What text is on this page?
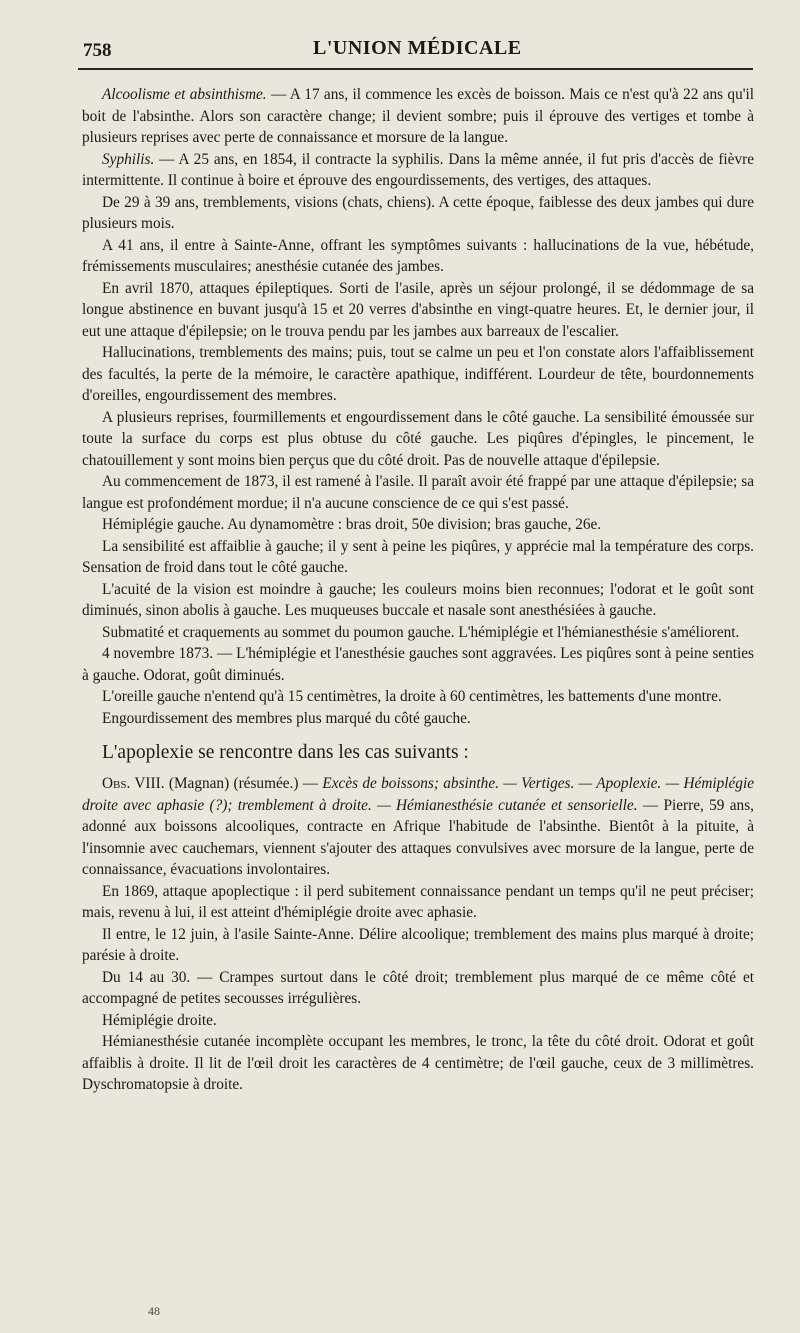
758	L'UNION MÉDICALE

Alcoolisme et absinthisme. — A 17 ans, il commence les excès de boisson. Mais ce n'est qu'à 22 ans qu'il boit de l'absinthe. Alors son caractère change; il devient sombre; puis il éprouve des vertiges et tombe à plusieurs reprises avec perte de connaissance et morsure de la langue.

Syphilis. — A 25 ans, en 1854, il contracte la syphilis. Dans la même année, il fut pris d'accès de fièvre intermittente. Il continue à boire et éprouve des engourdissements, des vertiges, des attaques.

De 29 à 39 ans, tremblements, visions (chats, chiens). A cette époque, faiblesse des deux jambes qui dure plusieurs mois.

A 41 ans, il entre à Sainte-Anne, offrant les symptômes suivants : hallucinations de la vue, hébétude, frémissements musculaires; anesthésie cutanée des jambes.

En avril 1870, attaques épileptiques. Sorti de l'asile, après un séjour prolongé, il se dédommage de sa longue abstinence en buvant jusqu'à 15 et 20 verres d'absinthe en vingt-quatre heures. Et, le dernier jour, il eut une attaque d'épilepsie; on le trouva pendu par les jambes aux barreaux de l'escalier.

Hallucinations, tremblements des mains; puis, tout se calme un peu et l'on constate alors l'affaiblissement des facultés, la perte de la mémoire, le caractère apathique, indifférent. Lourdeur de tête, bourdonnements d'oreilles, engourdissement des membres.

A plusieurs reprises, fourmillements et engourdissement dans le côté gauche. La sensibilité émoussée sur toute la surface du corps est plus obtuse du côté gauche. Les piqûres d'épingles, le pincement, le chatouillement y sont moins bien perçus que du côté droit. Pas de nouvelle attaque d'épilepsie.

Au commencement de 1873, il est ramené à l'asile. Il paraît avoir été frappé par une attaque d'épilepsie; sa langue est profondément mordue; il n'a aucune conscience de ce qui s'est passé.

Hémiplégie gauche. Au dynamomètre : bras droit, 50e division; bras gauche, 26e.

La sensibilité est affaiblie à gauche; il y sent à peine les piqûres, y apprécie mal la température des corps. Sensation de froid dans tout le côté gauche.

L'acuité de la vision est moindre à gauche; les couleurs moins bien reconnues; l'odorat et le goût sont diminués, sinon abolis à gauche. Les muqueuses buccale et nasale sont anesthésiées à gauche.

Submatité et craquements au sommet du poumon gauche. L'hémiplégie et l'hémianesthésie s'améliorent.

4 novembre 1873. — L'hémiplégie et l'anesthésie gauches sont aggravées. Les piqûres sont à peine senties à gauche. Odorat, goût diminués.

L'oreille gauche n'entend qu'à 15 centimètres, la droite à 60 centimètres, les battements d'une montre.

Engourdissement des membres plus marqué du côté gauche.

L'apoplexie se rencontre dans les cas suivants :

Obs. VIII. (Magnan) (résumée.) — Excès de boissons; absinthe. — Vertiges. — Apoplexie. — Hémiplégie droite avec aphasie (?); tremblement à droite. — Hémianesthésie cutanée et sensorielle. — Pierre, 59 ans, adonné aux boissons alcooliques, contracte en Afrique l'habitude de l'absinthe. Bientôt à la pituite, à l'insomnie avec cauchemars, viennent s'ajouter des attaques convulsives avec morsure de la langue, perte de connaissance, évacuations involontaires.

En 1869, attaque apoplectique : il perd subitement connaissance pendant un temps qu'il ne peut préciser; mais, revenu à lui, il est atteint d'hémiplégie droite avec aphasie.

Il entre, le 12 juin, à l'asile Sainte-Anne. Délire alcoolique; tremblement des mains plus marqué à droite; parésie à droite.

Du 14 au 30. — Crampes surtout dans le côté droit; tremblement plus marqué de ce même côté et accompagné de petites secousses irrégulières.

Hémiplégie droite.

Hémianesthésie cutanée incomplète occupant les membres, le tronc, la tête du côté droit. Odorat et goût affaiblis à droite. Il lit de l'œil droit les caractères de 4 centimètre; de l'œil gauche, ceux de 3 millimètres. Dyschromatopsie à droite.

48
